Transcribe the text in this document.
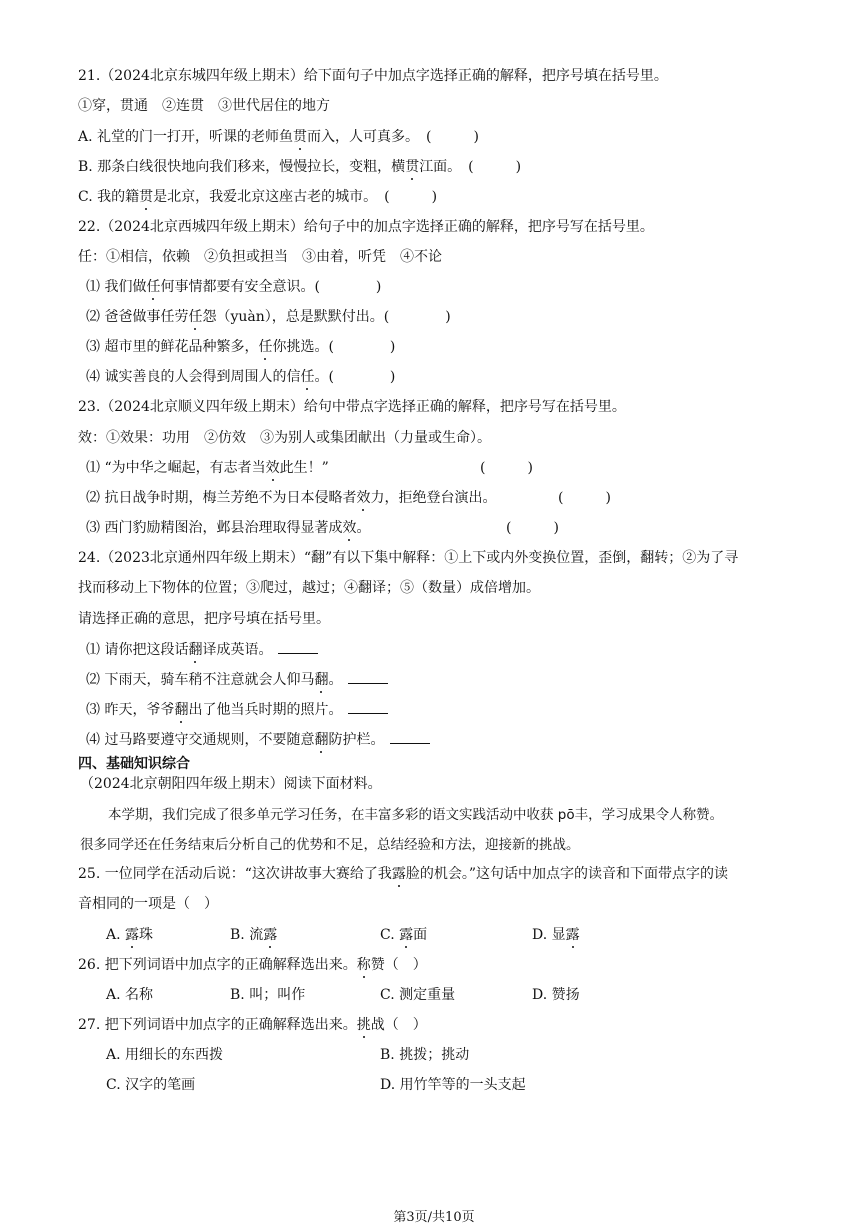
21.（2024北京东城四年级上期末）给下面句子中加点字选择正确的解释，把序号填在括号里。
①穿，贯通　②连贯　③世代居住的地方
A. 礼堂的门一打开，听课的老师鱼贯而入，人可真多。　(　　　)
B. 那条白线很快地向我们移来，慢慢拉长，变粗，横贯江面。　(　　　)
C. 我的籍贯是北京，我爱北京这座古老的城市。　(　　　)
22.（2024北京西城四年级上期末）给句子中的加点字选择正确的解释，把序号写在括号里。
任：①相信，依赖　②负担或担当　③由着，听凭　④不论
⑴ 我们做任何事情都要有安全意识。(　　　　)
⑵ 爸爸做事任劳任怨（yuàn），总是默默付出。(　　　　)
⑶ 超市里的鲜花品种繁多，任你挑选。(　　　　)
⑷ 诚实善良的人会得到周围人的信任。(　　　　)
23.（2024北京顺义四年级上期末）给句中带点字选择正确的解释，把序号写在括号里。
效：①效果：功用　②仿效　③为别人或集团献出（力量或生命）。
⑴ “为中华之崛起，有志者当效此生！”	(　　　)
⑵ 抗日战争时期，梅兰芳绝不为日本侵略者效力，拒绝登台演出。	(　　　)
⑶ 西门豹励精图治，邺县治理取得显著成效。	(　　　)
24.（2023北京通州四年级上期末）“翻”有以下集中解释：①上下或内外变换位置，歪倒，翻转；②为了寻
找而移动上下物体的位置；③爬过，越过；④翻译；⑤（数量）成倍增加。
请选择正确的意思，把序号填在括号里。
⑴ 请你把这段话翻译成英语。
⑵ 下雨天，骑车稍不注意就会人仰马翻。
⑶ 昨天，爷爷翻出了他当兵时期的照片。
⑷ 过马路要遵守交通规则，不要随意翻防护栏。
四、基础知识综合
（2024北京朝阳四年级上期末）阅读下面材料。
本学期，我们完成了很多单元学习任务，在丰富多彩的语文实践活动中收获 pō丰，学习成果令人称赞。
很多同学还在任务结束后分析自己的优势和不足，总结经验和方法，迎接新的挑战。
25. 一位同学在活动后说：“这次讲故事大赛给了我露脸的机会。”这句话中加点字的读音和下面带点字的读
音相同的一项是（　）
A. 露珠	B. 流露	C. 露面	D. 显露
26. 把下列词语中加点字的正确解释选出来。称赞（　）
A. 名称	B. 叫；叫作	C. 测定重量	D. 赞扬
27. 把下列词语中加点字的正确解释选出来。挑战（　）
A. 用细长的东西拨	B. 挑拨；挑动
C. 汉字的笔画	D. 用竹竿等的一头支起
第3页/共10页
